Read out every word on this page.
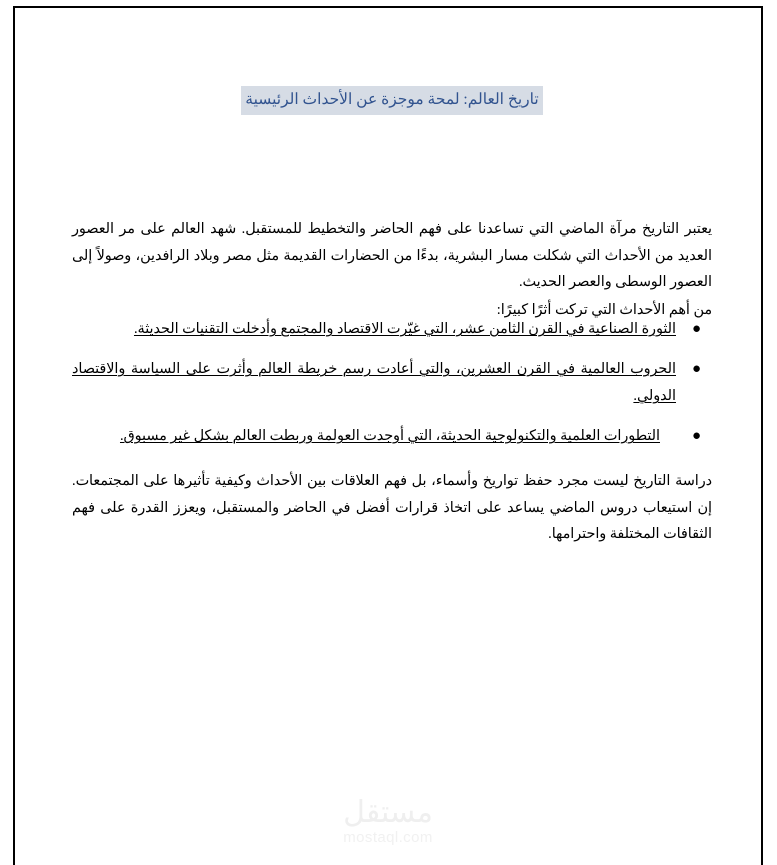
تاريخ العالم: لمحة موجزة عن الأحداث الرئيسية

يعتبر التاريخ مرآة الماضي التي تساعدنا على فهم الحاضر والتخطيط للمستقبل. شهد العالم على مر العصور العديد من الأحداث التي شكلت مسار البشرية، بدءًا من الحضارات القديمة مثل مصر وبلاد الرافدين، وصولاً إلى العصور الوسطى والعصر الحديث.

من أهم الأحداث التي تركت أثرًا كبيرًا:

●
الثورة الصناعية في القرن الثامن عشر، التي غيّرت الاقتصاد والمجتمع وأدخلت التقنيات الحديثة.
●
الحروب العالمية في القرن العشرين، والتي أعادت رسم خريطة العالم وأثرت على السياسة والاقتصاد الدولي.
●
التطورات العلمية والتكنولوجية الحديثة، التي أوجدت العولمة وربطت العالم بشكل غير مسبوق.

دراسة التاريخ ليست مجرد حفظ تواريخ وأسماء، بل فهم العلاقات بين الأحداث وكيفية تأثيرها على المجتمعات. إن استيعاب دروس الماضي يساعد على اتخاذ قرارات أفضل في الحاضر والمستقبل، ويعزز القدرة على فهم الثقافات المختلفة واحترامها.

مستقل
mostaql.com
